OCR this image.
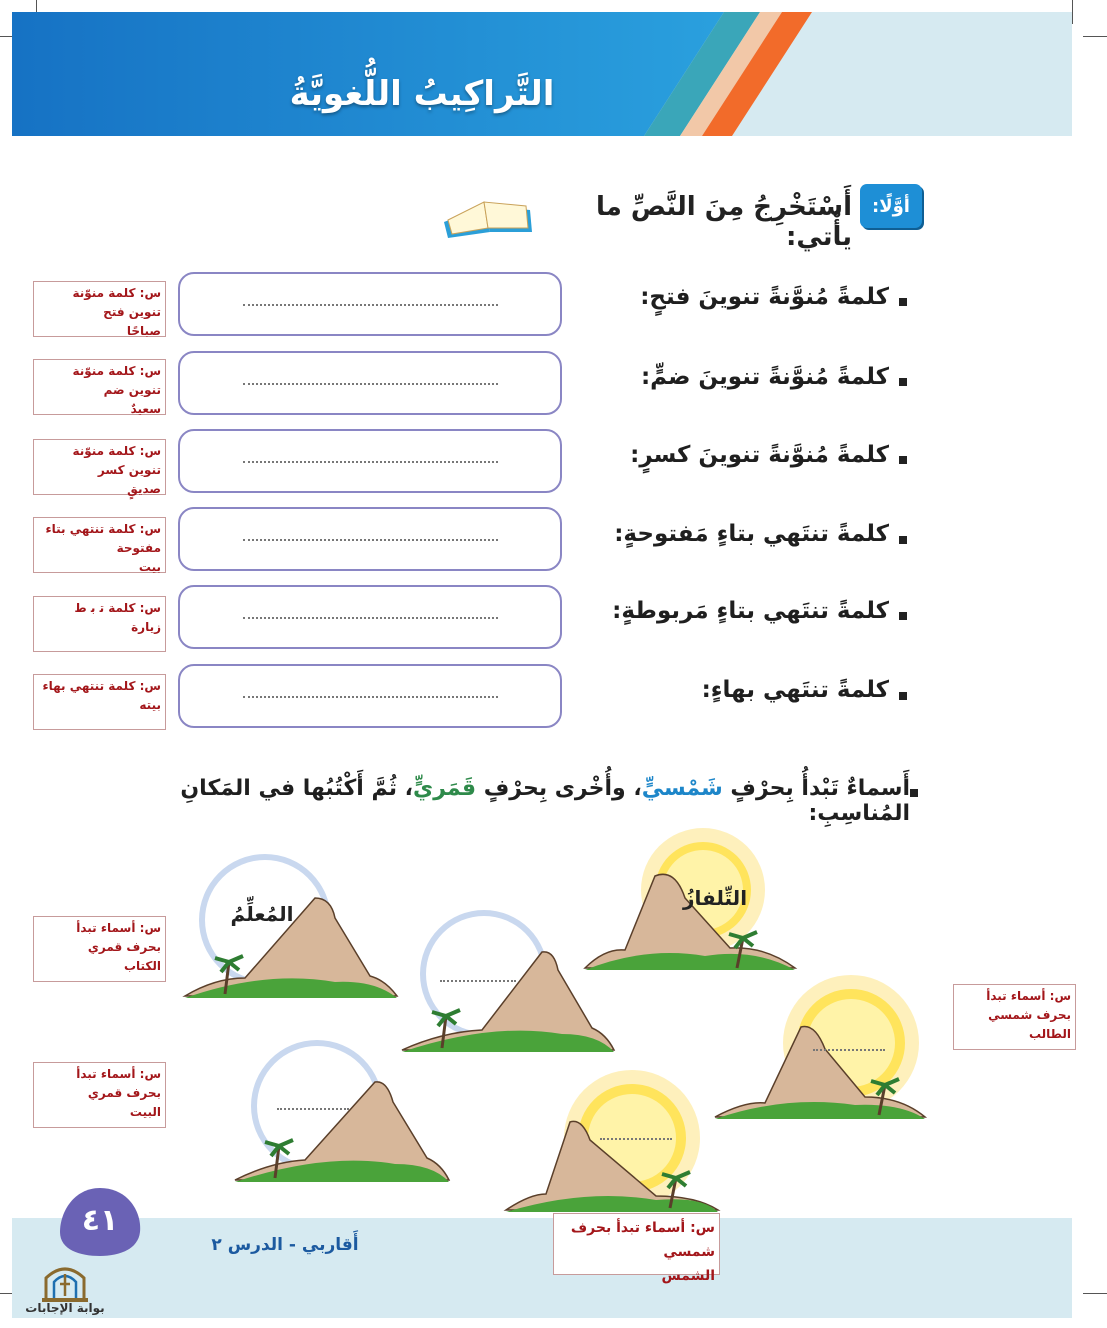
التَّراكِيبُ اللُّغويَّةُ
أوَّلًا:
أَسْتَخْرِجُ مِنَ النَّصِّ ما يأْتي:
كلمةً مُنوَّنةً تنوينَ فتحٍ:
س: كلمة منوّنة تنوين فتح
صباحًا
كلمةً مُنوَّنةً تنوينَ ضمٍّ:
س: كلمة منوّنة تنوين ضم
سعيدٌ
كلمةً مُنوَّنةً تنوينَ كسرٍ:
س: كلمة منوّنة تنوين كسر
صديقٍ
كلمةً تنتَهي بتاءٍ مَفتوحةٍ:
س: كلمة تنتهي بتاء مفتوحة
بيت
كلمةً تنتَهي بتاءٍ مَربوطةٍ:
س: كلمة ﺗ ﺑ ﻃ
زيارة
كلمةً تنتَهي بهاءٍ:
س: كلمة تنتهي بهاء
بيته
أَسماءٌ تَبْدأُ بِحرْفٍ شَمْسيٍّ، وأُخْرى بِحرْفٍ قَمَريٍّ، ثُمَّ أَكْتُبُها في المَكانِ المُناسِبِ:
التِّلفازُ
المُعلِّمُ
س: أسماء تبدأ بحرف قمري
الكتاب
س: أسماء تبدأ بحرف قمري
البيت
س: أسماء تبدأ بحرف شمسي
الطالب
س: أسماء تبدأ بحرف شمسي
الشمس
٤١
أَقاربي - الدرس ٢
بوابة الإجابات
